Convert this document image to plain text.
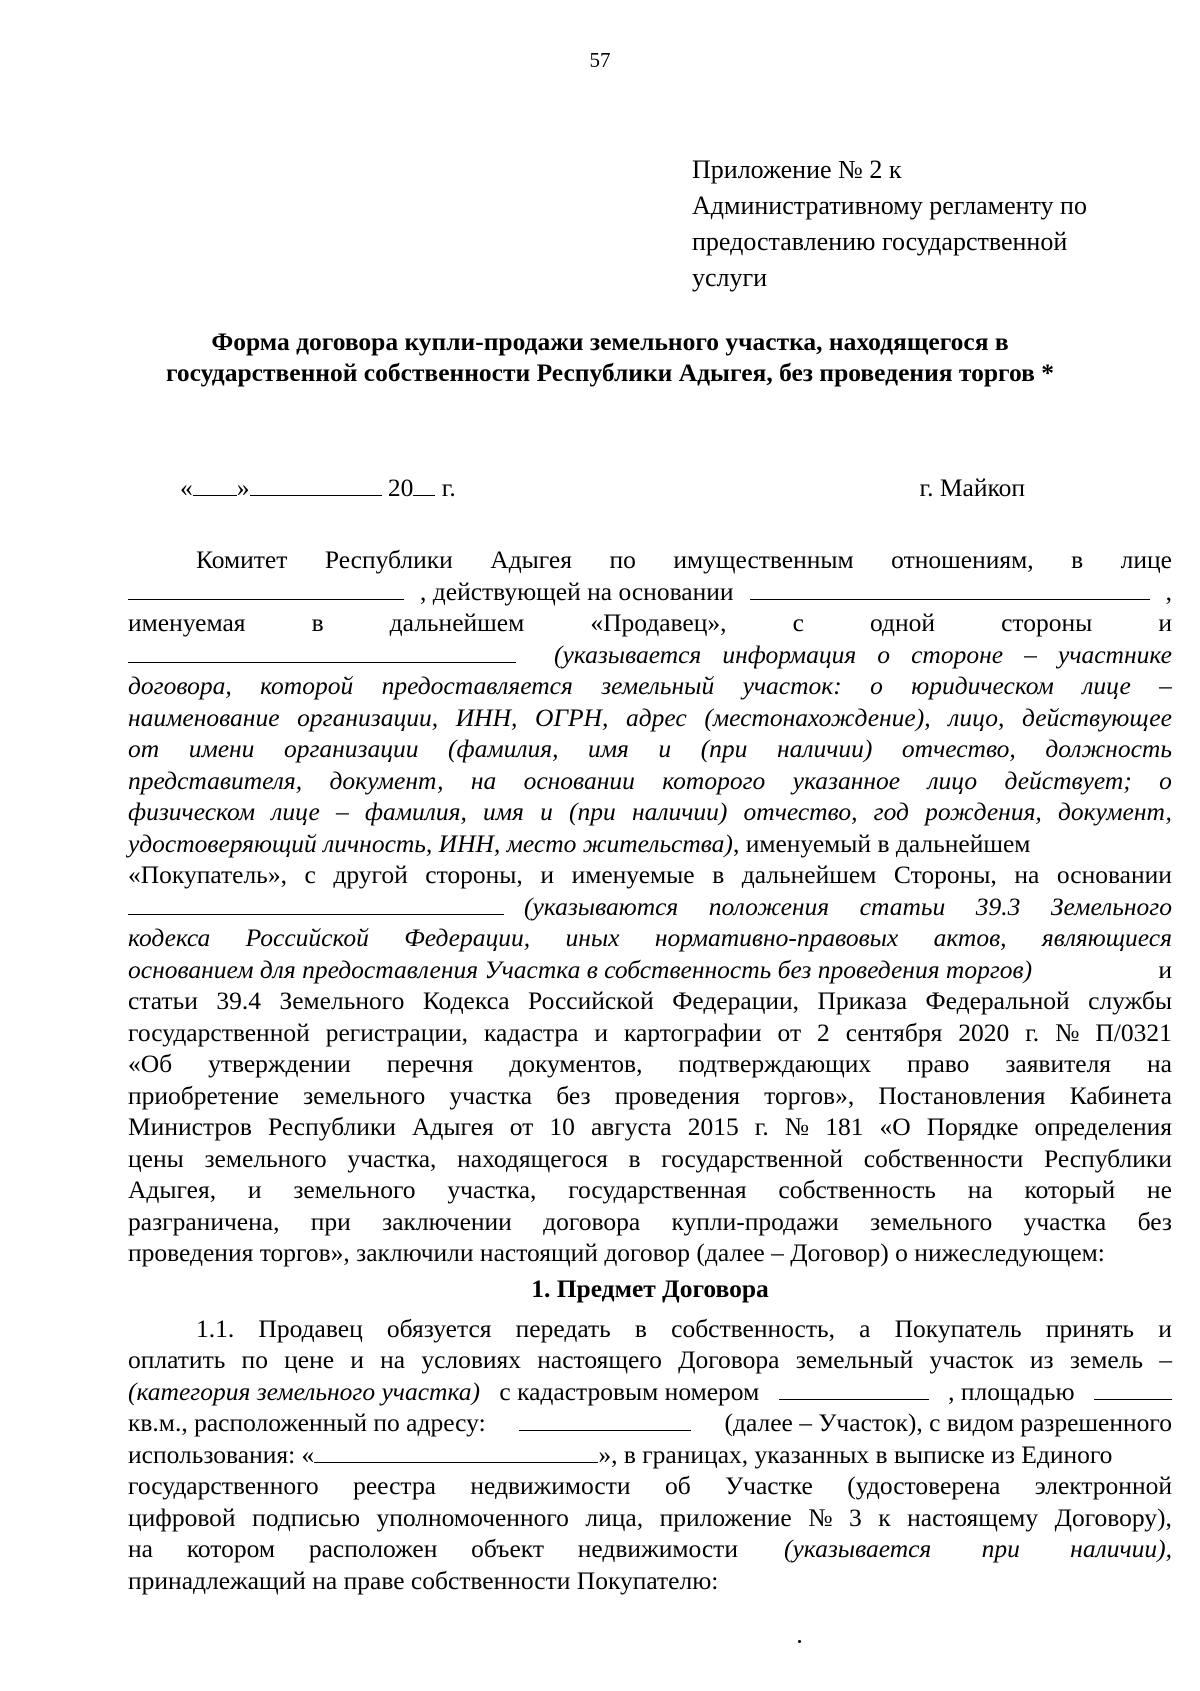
57
Приложение № 2 к
Административному регламенту по
предоставлению государственной
услуги
Форма договора купли-продажи земельного участка, находящегося в
государственной собственности Республики Адыгея, без проведения торгов *
« »	20 г.	г. Майкоп
Комитет Республики Адыгея по имущественным отношениям, в лице
, действующей на основании	,
именуемая	в	дальнейшем	«Продавец»,	с	одной	стороны	и
(указывается информация о стороне – участнике
договора, которой предоставляется земельный участок: о юридическом лице –
наименование организации, ИНН, ОГРН, адрес (местонахождение), лицо, действующее
от имени организации (фамилия, имя и (при наличии) отчество, должность
представителя, документ, на основании которого указанное лицо действует; о
физическом лице – фамилия, имя и (при наличии) отчество, год рождения, документ,
удостоверяющий личность, ИНН, место жительства), именуемый в дальнейшем
«Покупатель», с другой стороны, и именуемые в дальнейшем Стороны, на основании
(указываются положения статьи 39.3 Земельного
кодекса Российской Федерации, иных нормативно-правовых актов, являющиеся
основанием для предоставления Участка в собственность без проведения торгов)	и
статьи 39.4 Земельного Кодекса Российской Федерации, Приказа Федеральной службы
государственной регистрации, кадастра и картографии от 2 сентября 2020 г. № П/0321
«Об утверждении перечня документов, подтверждающих право заявителя на
приобретение земельного участка без проведения торгов», Постановления Кабинета
Министров Республики Адыгея от 10 августа 2015 г. № 181 «О Порядке определения
цены земельного участка, находящегося в государственной собственности Республики
Адыгея, и земельного участка, государственная собственность на который не
разграничена, при заключении договора купли-продажи земельного участка без
проведения торгов», заключили настоящий договор (далее – Договор) о нижеследующем:
1. Предмет Договора
1.1. Продавец обязуется передать в собственность, а Покупатель принять и
оплатить по цене и на условиях настоящего Договора земельный участок из земель –
(категория земельного участка) с кадастровым номером	, площадью
кв.м., расположенный по адресу:	(далее – Участок), с видом разрешенного
использования: «	», в границах, указанных в выписке из Единого
государственного реестра недвижимости об Участке (удостоверена электронной
цифровой подписью уполномоченного лица, приложение № 3 к настоящему Договору),
на котором расположен объект недвижимости (указывается при наличии),
принадлежащий на праве собственности Покупателю:
